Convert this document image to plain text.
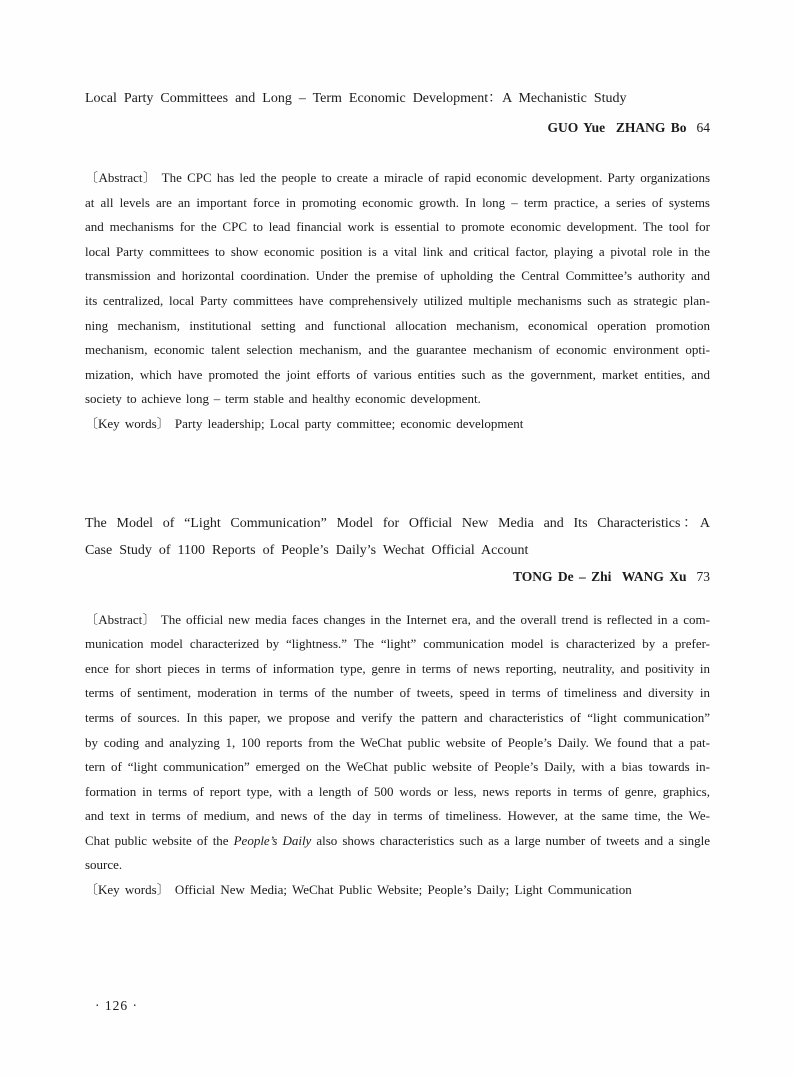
Local Party Committees and Long – Term Economic Development：A Mechanistic Study
GUO Yue  ZHANG Bo 64
〔Abstract〕 The CPC has led the people to create a miracle of rapid economic development. Party organizations
at all levels are an important force in promoting economic growth. In long – term practice, a series of systems
and mechanisms for the CPC to lead financial work is essential to promote economic development. The tool for
local Party committees to show economic position is a vital link and critical factor, playing a pivotal role in the
transmission and horizontal coordination. Under the premise of upholding the Central Committee’s authority and
its centralized, local Party committees have comprehensively utilized multiple mechanisms such as strategic plan-
ning mechanism, institutional setting and functional allocation mechanism, economical operation promotion
mechanism, economic talent selection mechanism, and the guarantee mechanism of economic environment opti-
mization, which have promoted the joint efforts of various entities such as the government, market entities, and
society to achieve long – term stable and healthy economic development.
〔Key words〕 Party leadership; Local party committee; economic development
The Model of “Light Communication” Model for Official New Media and Its Characteristics：A
Case Study of 1100 Reports of People’s Daily’s Wechat Official Account
TONG De – Zhi  WANG Xu 73
〔Abstract〕 The official new media faces changes in the Internet era, and the overall trend is reflected in a com-
munication model characterized by “lightness.” The “light” communication model is characterized by a prefer-
ence for short pieces in terms of information type, genre in terms of news reporting, neutrality, and positivity in
terms of sentiment, moderation in terms of the number of tweets, speed in terms of timeliness and diversity in
terms of sources. In this paper, we propose and verify the pattern and characteristics of “light communication”
by coding and analyzing 1, 100 reports from the WeChat public website of People’s Daily. We found that a pat-
tern of “light communication” emerged on the WeChat public website of People’s Daily, with a bias towards in-
formation in terms of report type, with a length of 500 words or less, news reports in terms of genre, graphics,
and text in terms of medium, and news of the day in terms of timeliness. However, at the same time, the We-
Chat public website of the People’s Daily also shows characteristics such as a large number of tweets and a single
source.
〔Key words〕 Official New Media; WeChat Public Website; People’s Daily; Light Communication
· 126 ·
